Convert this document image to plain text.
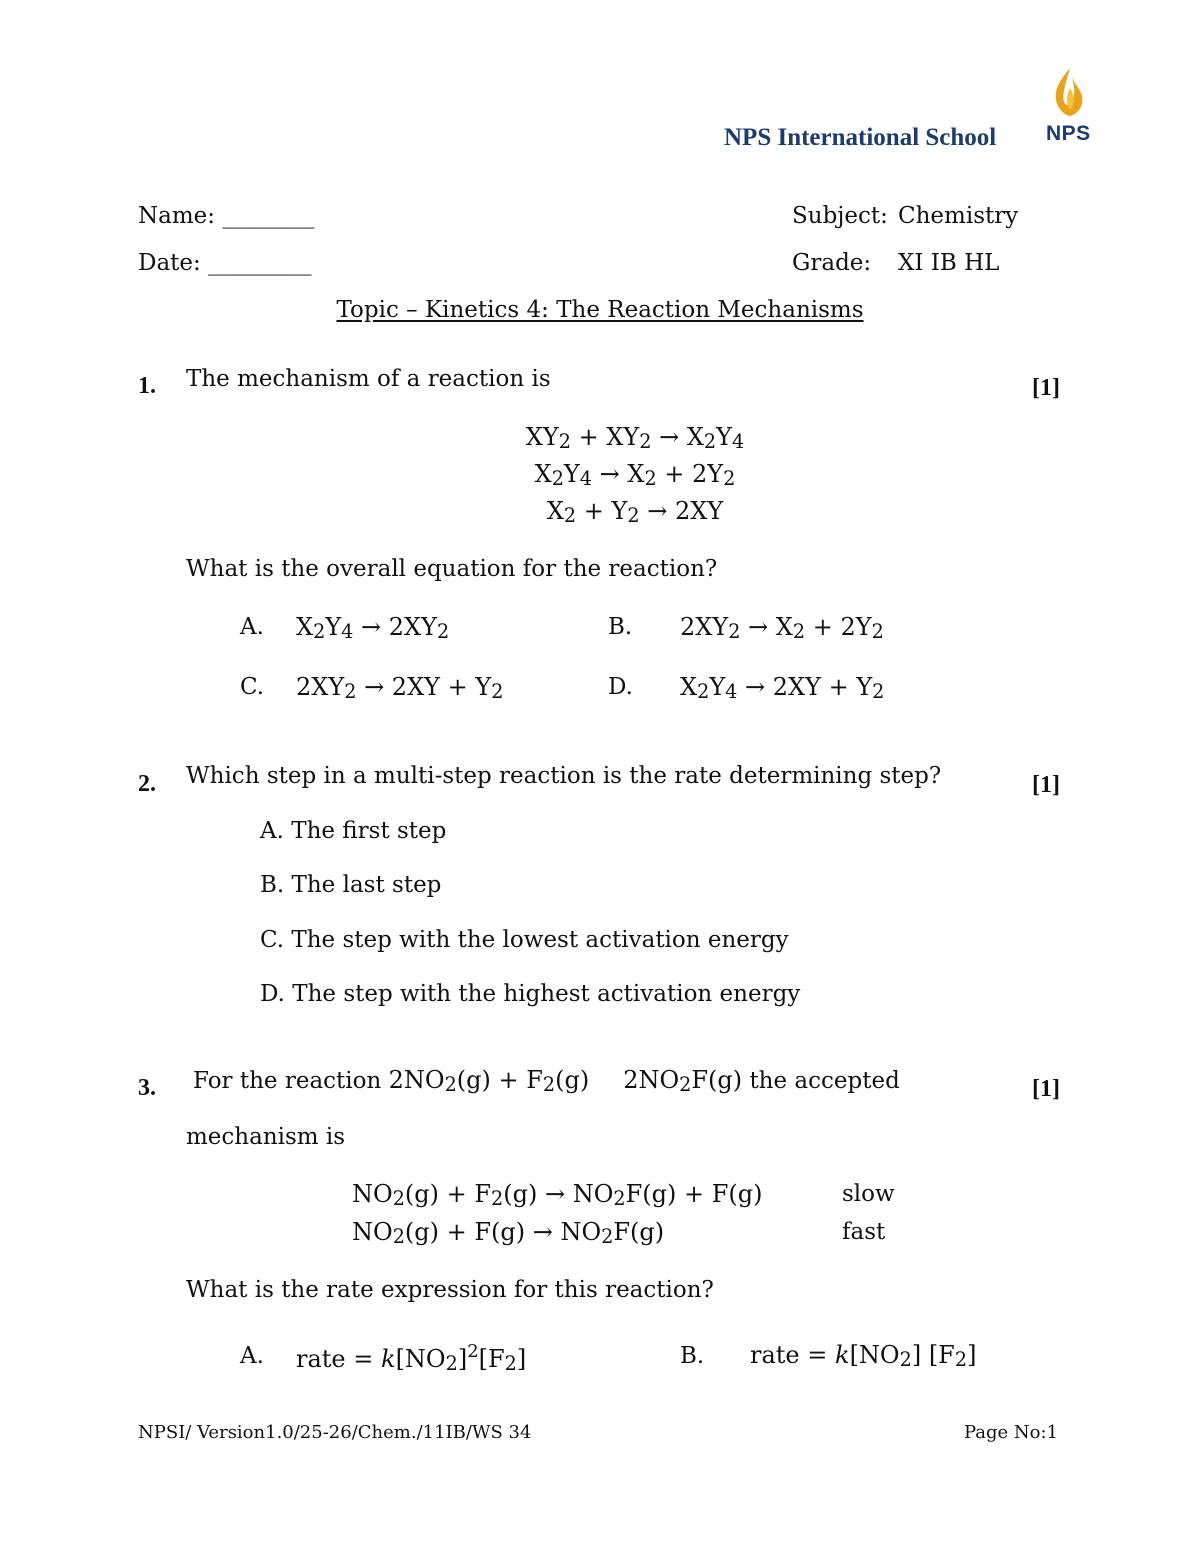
NPS International School NPS
Name: ________
Date: _________
Subject: Chemistry
Grade: XI IB HL
Topic – Kinetics 4: The Reaction Mechanisms
1. The mechanism of a reaction is	[1]
$XY_2 + XY_2 \to X_2Y_4$
$X_2Y_4 \to X_2 + 2Y_2$
$X_2 + Y_2 \to 2XY$
What is the overall equation for the reaction?
A. $X_2Y_4 \to 2XY_2$	B. $2XY_2 \to X_2 + 2Y_2$
C. $2XY_2 \to 2XY + Y_2$	D. $X_2Y_4 \to 2XY + Y_2$
2. Which step in a multi-step reaction is the rate determining step?	[1]
A. The first step
B. The last step
C. The step with the lowest activation energy
D. The step with the highest activation energy
3. For the reaction $2NO_2(g) + F_2(g)$ $2NO_2F(g)$ the accepted	[1]
mechanism is
$NO_2(g) + F_2(g) \to NO_2F(g) + F(g)$	slow
$NO_2(g) + F(g) \to NO_2F(g)$	fast
What is the rate expression for this reaction?
A. rate = $k[NO_2]^2[F_2]$	B. rate = $k[NO_2]$ $[F_2]$
NPSI/ Version1.0/25-26/Chem./11IB/WS 34	Page No:1
